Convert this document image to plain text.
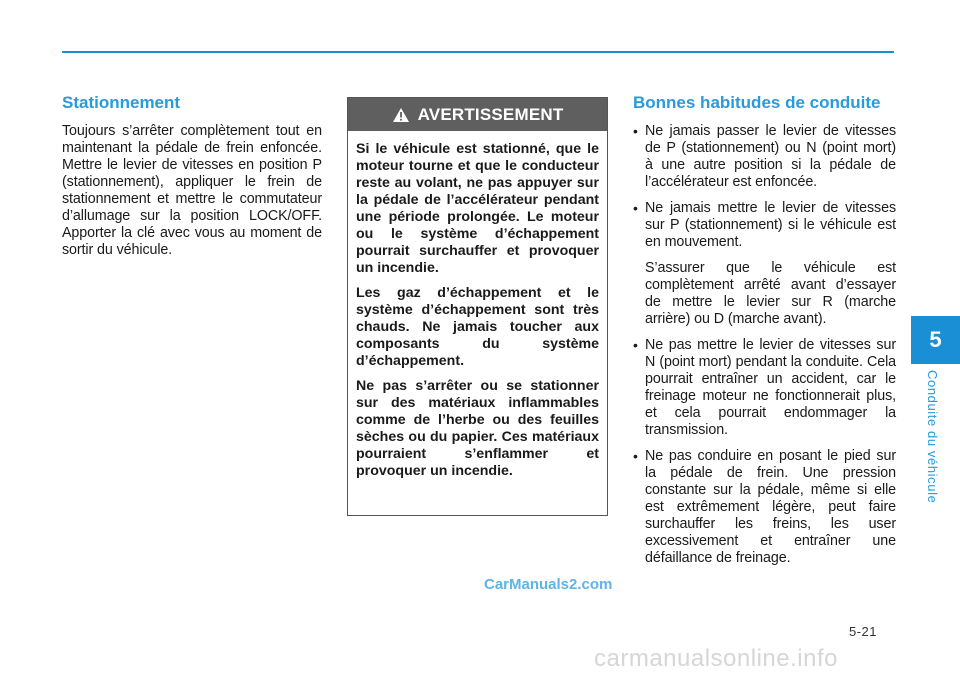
Stationnement

Toujours s’arrêter complètement tout en maintenant la pédale de frein enfoncée. Mettre le levier de vitesses en position P (stationnement), appliquer le frein de stationnement et mettre le commutateur d’allumage sur la position LOCK/OFF. Apporter la clé avec vous au moment de sortir du véhicule.

AVERTISSEMENT

Si le véhicule est stationné, que le moteur tourne et que le conducteur reste au volant, ne pas appuyer sur la pédale de l’accélérateur pendant une période prolongée. Le moteur ou le système d’échappement pourrait surchauffer et provoquer un incendie.

Les gaz d’échappement et le système d’échappement sont très chauds. Ne jamais toucher aux composants du système d’échappement.

Ne pas s’arrêter ou se stationner sur des matériaux inflammables comme de l’herbe ou des feuilles sèches ou du papier. Ces matériaux pourraient s’enflammer et provoquer un incendie.

Bonnes habitudes de conduite
• Ne jamais passer le levier de vitesses de P (stationnement) ou N (point mort) à une autre position si la pédale de l’accélérateur est enfoncée.
• Ne jamais mettre le levier de vitesses sur P (stationnement) si le véhicule est en mouvement.
S’assurer que le véhicule est complètement arrêté avant d’essayer de mettre le levier sur R (marche arrière) ou D (marche avant).
• Ne pas mettre le levier de vitesses sur N (point mort) pendant la conduite. Cela pourrait entraîner un accident, car le freinage moteur ne fonctionnerait plus, et cela pourrait endommager la transmission.
• Ne pas conduire en posant le pied sur la pédale de frein. Une pression constante sur la pédale, même si elle est extrêmement légère, peut faire surchauffer les freins, les user excessivement et entraîner une défaillance de freinage.
5
Conduite du véhicule
CarManuals2.com
5-21
carmanualsonline.info
